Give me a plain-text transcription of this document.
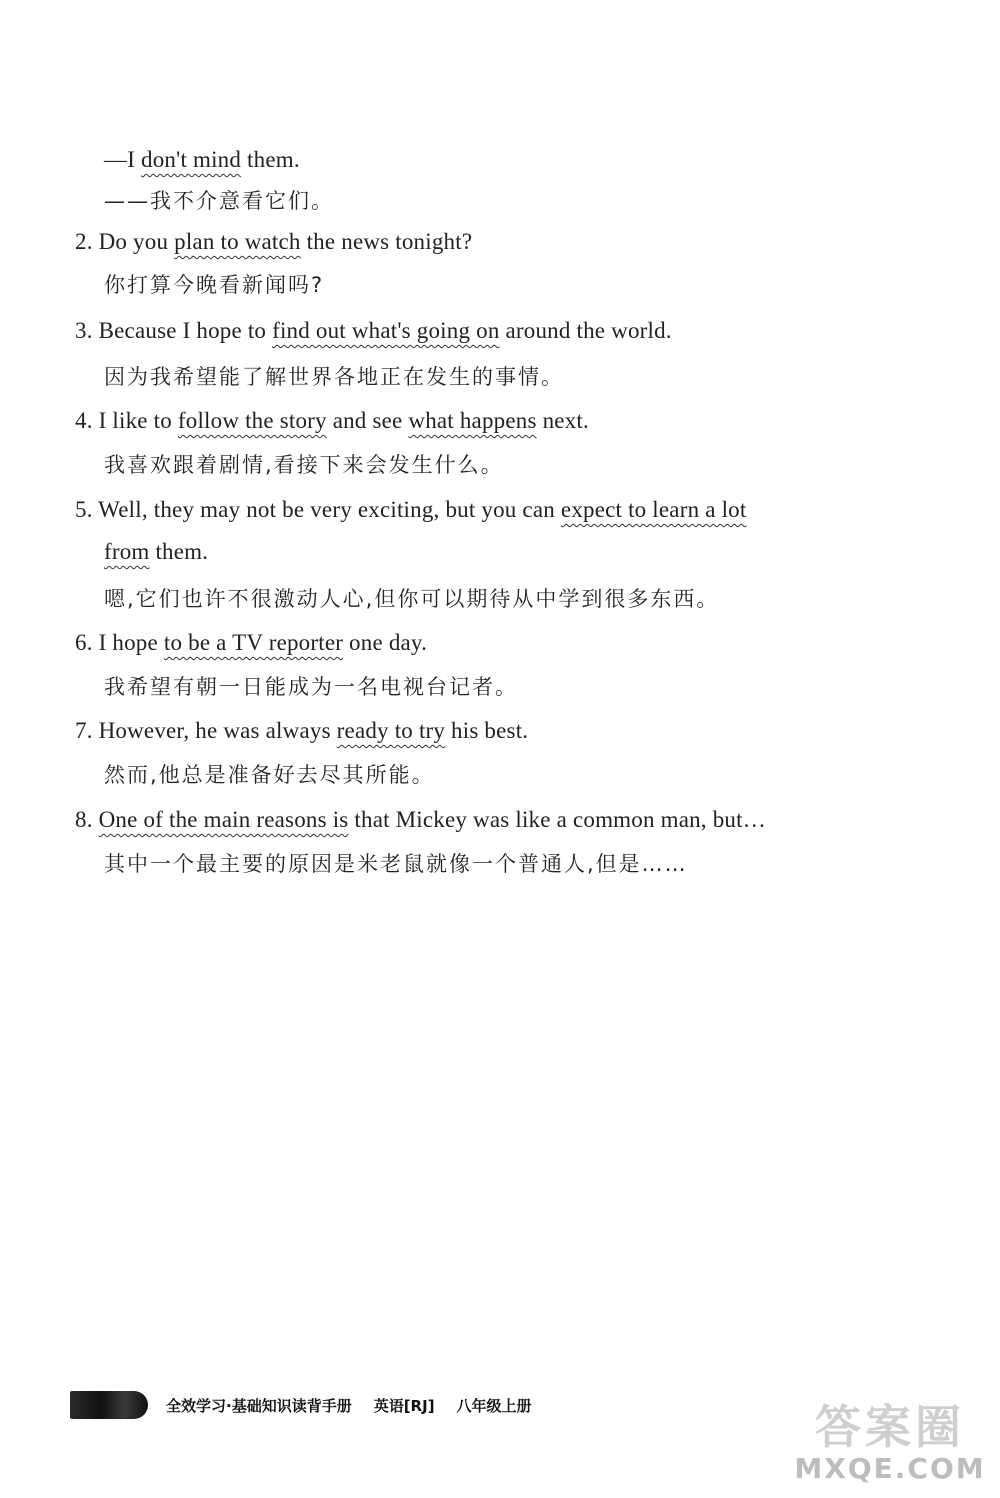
—I don't mind them.
——我不介意看它们。
2. Do you plan to watch the news tonight?
你打算今晚看新闻吗?
3. Because I hope to find out what's going on around the world.
因为我希望能了解世界各地正在发生的事情。
4. I like to follow the story and see what happens next.
我喜欢跟着剧情,看接下来会发生什么。
5. Well, they may not be very exciting, but you can expect to learn a lot
from them.
嗯,它们也许不很激动人心,但你可以期待从中学到很多东西。
6. I hope to be a TV reporter one day.
我希望有朝一日能成为一名电视台记者。
7. However, he was always ready to try his best.
然而,他总是准备好去尽其所能。
8. One of the main reasons is that Mickey was like a common man, but…
其中一个最主要的原因是米老鼠就像一个普通人,但是……
全效学习·基础知识读背手册 英语[RJ] 八年级上册	答案圈
MXQE.COM
